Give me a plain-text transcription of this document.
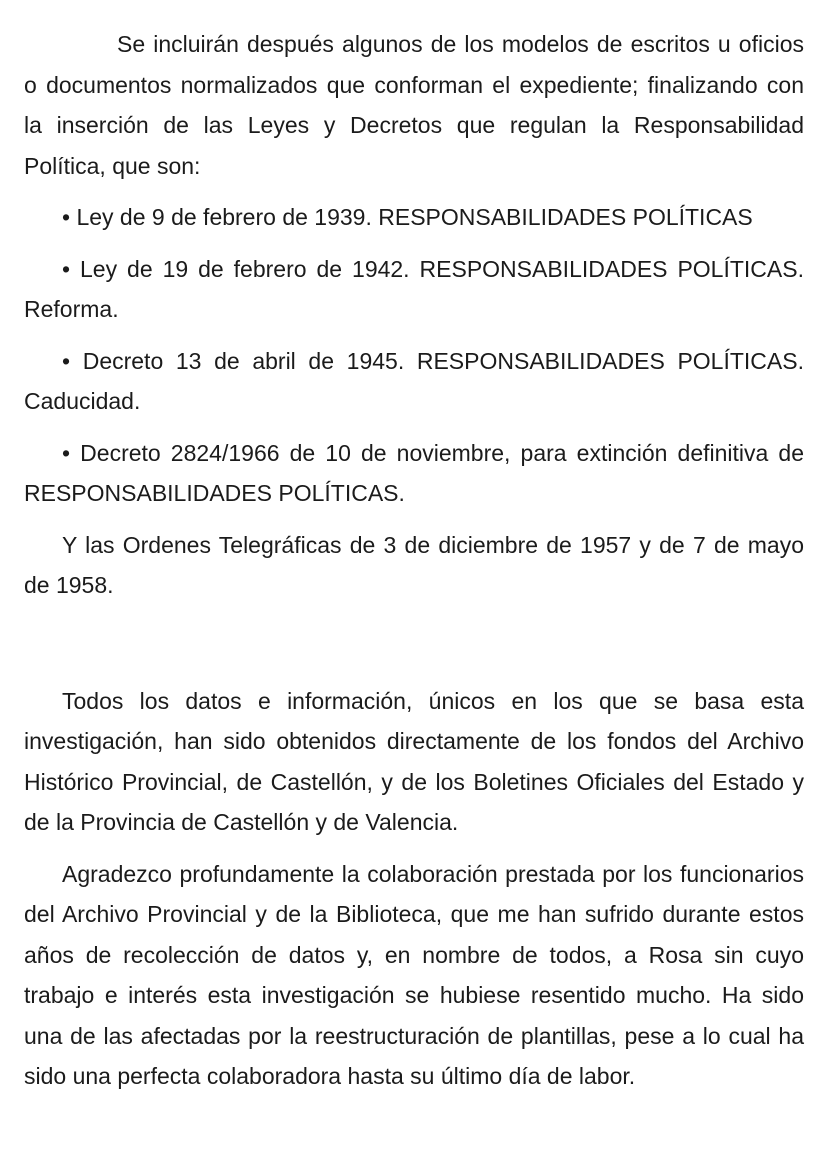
Se incluirán después algunos de los modelos de escritos u oficios o documentos normalizados que conforman el expediente; finalizando con la inserción de las Leyes y Decretos que regulan la Responsabilidad Política, que son:

• Ley de 9 de febrero de 1939. RESPONSABILIDADES POLÍTICAS

• Ley de 19 de febrero de 1942. RESPONSABILIDADES POLÍTICAS. Reforma.

• Decreto 13 de abril de 1945. RESPONSABILIDADES POLÍTICAS. Caducidad.

• Decreto 2824/1966 de 10 de noviembre, para extinción definitiva de RESPONSABILIDADES POLÍTICAS.

Y las Ordenes Telegráficas de 3 de diciembre de 1957 y de 7 de mayo de 1958.

Todos los datos e información, únicos en los que se basa esta investigación, han sido obtenidos directamente de los fondos del Archivo Histórico Provincial, de Castellón, y de los Boletines Oficiales del Estado y de la Provincia de Castellón y de Valencia.

Agradezco profundamente la colaboración prestada por los funcionarios del Archivo Provincial y de la Biblioteca, que me han sufrido durante estos años de recolección de datos y, en nombre de todos, a Rosa sin cuyo trabajo e interés esta investigación se hubiese resentido mucho. Ha sido una de las afectadas por la reestructuración de plantillas, pese a lo cual ha sido una perfecta colaboradora hasta su último día de labor.
